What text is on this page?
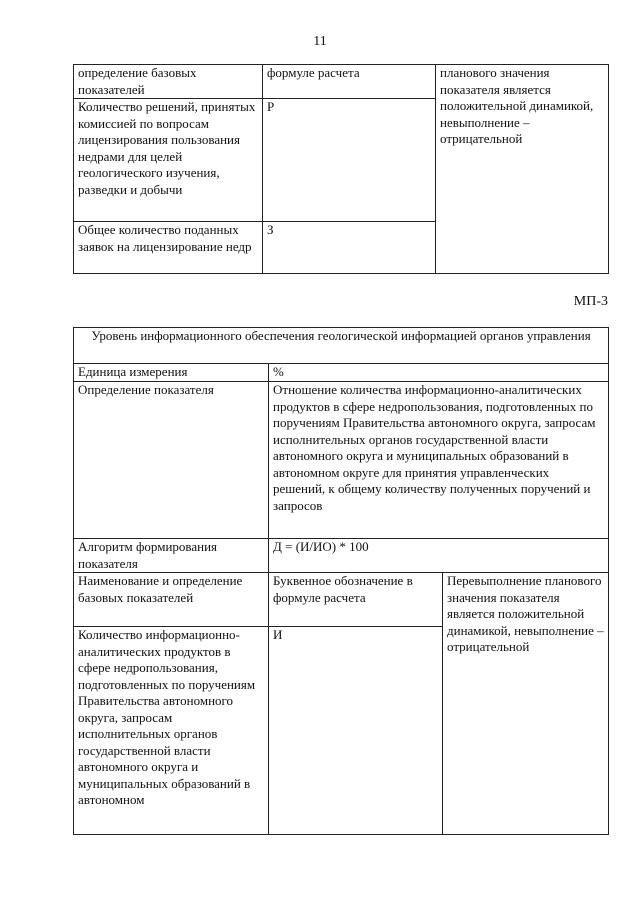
11
определение базовых показателей	формуле расчета	планового значения показателя является положительной динамикой, невыполнение – отрицательной
Количество решений, принятых комиссией по вопросам лицензирования пользования недрами для целей геологического изучения, разведки и добычи	Р	
Общее количество поданных заявок на лицензирование недр	З	
МП-3
Уровень информационного обеспечения геологической информацией органов управления		
Единица измерения	%	
Определение показателя	Отношение количества информационно-аналитических продуктов в сфере недропользования, подготовленных по поручениям Правительства автономного округа, запросам исполнительных органов государственной власти автономного округа и муниципальных образований в автономном округе для принятия управленческих решений, к общему количеству полученных поручений и запросов	
Алгоритм формирования показателя	Д = (И/ИО) * 100	
Наименование и определение базовых показателей	Буквенное обозначение в формуле расчета	Перевыполнение планового значения показателя является положительной динамикой, невыполнение – отрицательной
Количество информационно-аналитических продуктов в сфере недропользования, подготовленных по поручениям Правительства автономного округа, запросам исполнительных органов государственной власти автономного округа и муниципальных образований в автономном	И	
